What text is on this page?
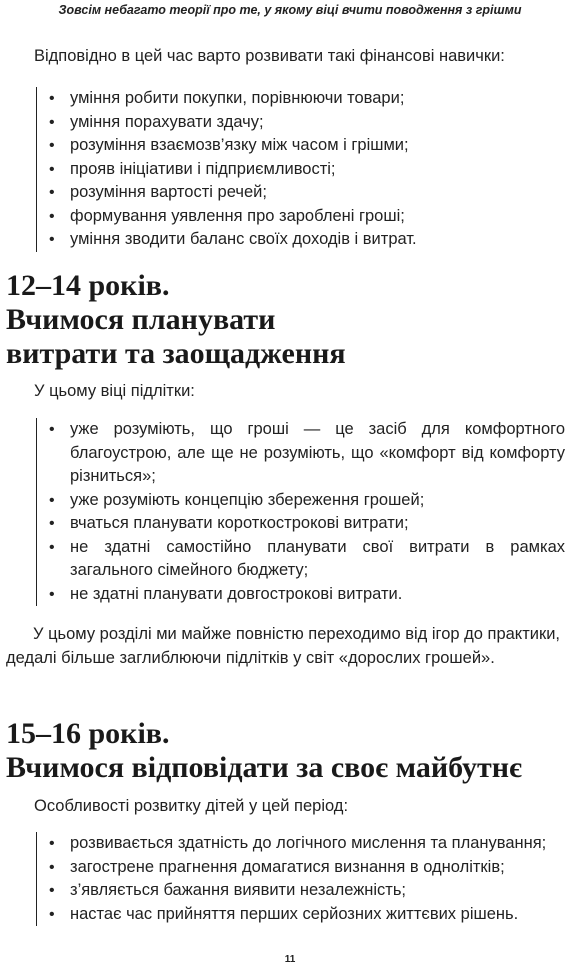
Зовсім небагато теорії про те, у якому віці вчити поводження з грішми
Відповідно в цей час варто розвивати такі фінансові навички:
• уміння робити покупки, порівнюючи товари;
• уміння порахувати здачу;
• розуміння взаємозв’язку між часом і грішми;
• прояв ініціативи і підприємливості;
• розуміння вартості речей;
• формування уявлення про зароблені гроші;
• уміння зводити баланс своїх доходів і витрат.
12–14 років.
Вчимося планувати
витрати та заощадження
У цьому віці підлітки:
• уже розуміють, що гроші — це засіб для комфортного благоустрою, але ще не розуміють, що «комфорт від комфорту різниться»;
• уже розуміють концепцію збереження грошей;
• вчаться планувати короткострокові витрати;
• не здатні самостійно планувати свої витрати в рамках загального сімейного бюджету;
• не здатні планувати довгострокові витрати.
У цьому розділі ми майже повністю переходимо від ігор до практики, дедалі більше заглиблюючи підлітків у світ «дорослих грошей».
15–16 років.
Вчимося відповідати за своє майбутнє
Особливості розвитку дітей у цей період:
• розвивається здатність до логічного мислення та планування;
• загострене прагнення домагатися визнання в однолітків;
• з’являється бажання виявити незалежність;
• настає час прийняття перших серйозних життєвих рішень.
11
